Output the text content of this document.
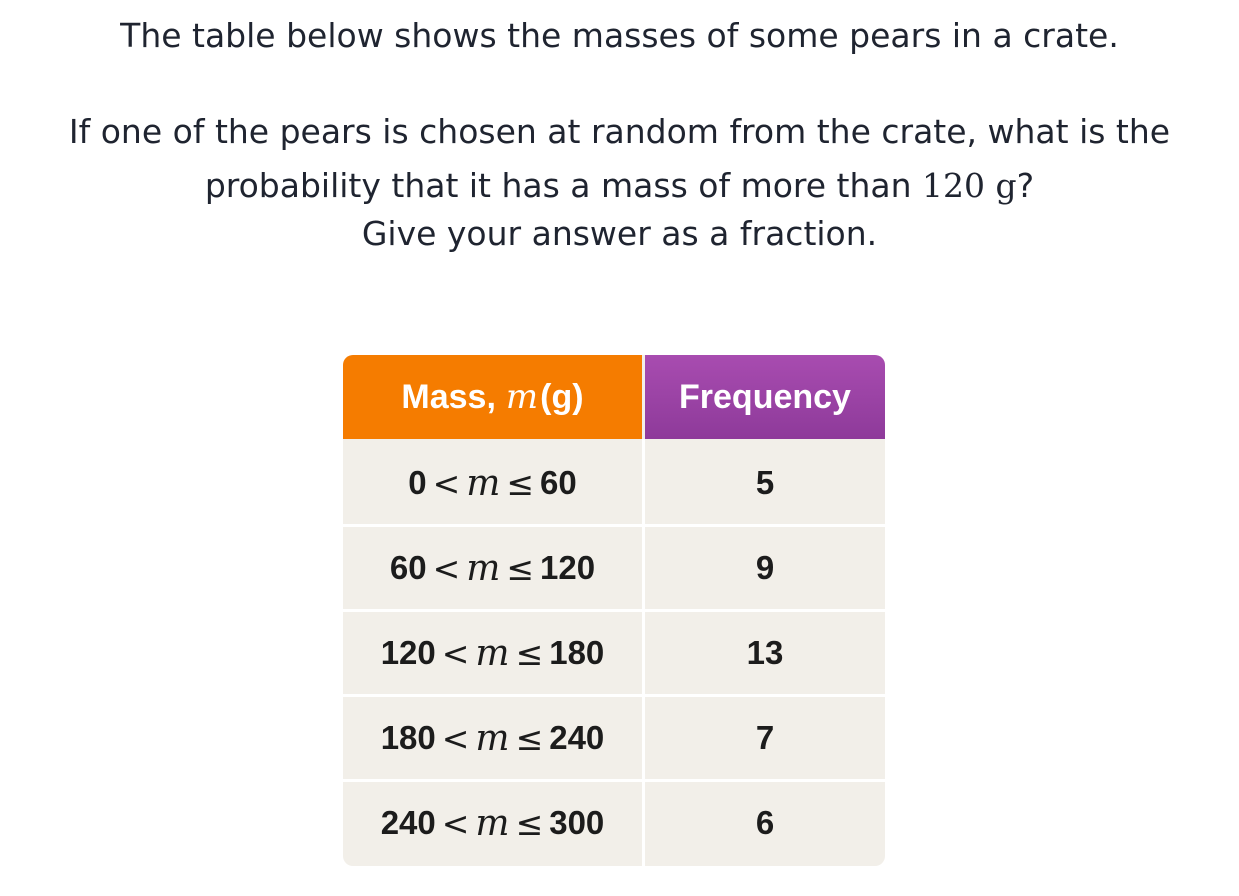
The table below shows the masses of some pears in a crate.
If one of the pears is chosen at random from the crate, what is the
probability that it has a mass of more than 120 g?
Give your answer as a fraction.
Mass, m (g)	Frequency
0 < m ≤ 60	5
60 < m ≤ 120	9
120 < m ≤ 180	13
180 < m ≤ 240	7
240 < m ≤ 300	6
